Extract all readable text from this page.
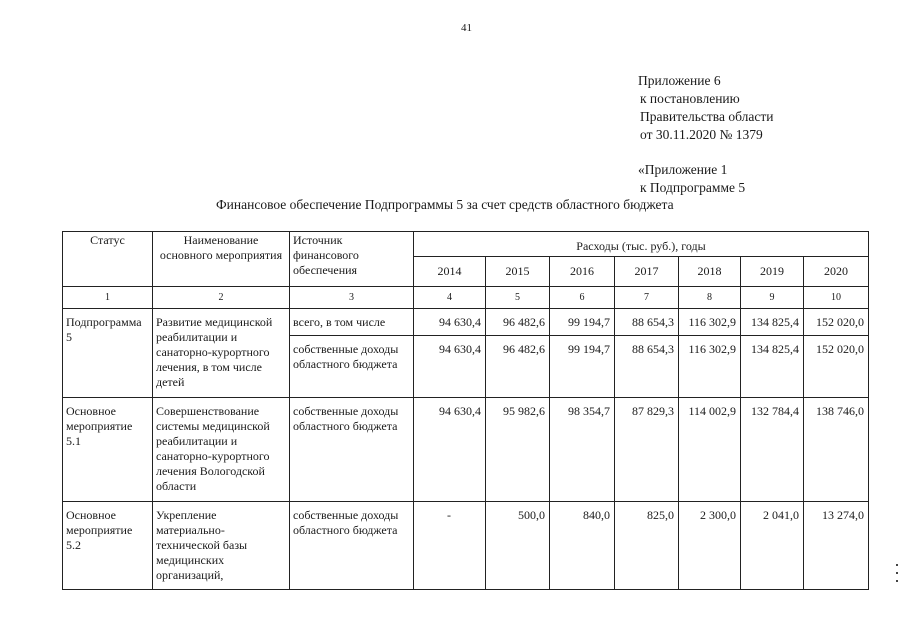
41
Приложение 6
к постановлению
Правительства области
от 30.11.2020 № 1379
«Приложение 1
к Подпрограмме 5
Финансовое обеспечение Подпрограммы 5 за счет средств областного бюджета
Статус	Наименование основного мероприятия	Источник финансового обеспечения	Расходы (тыс. руб.), годы						
			2014	2015	2016	2017	2018	2019	2020
1	2	3	4	5	6	7	8	9	10
Подпрограмма 5	Развитие медицинской реабилитации и санаторно-курортного лечения, в том числе детей	всего, в том числе	94 630,4	96 482,6	99 194,7	88 654,3	116 302,9	134 825,4	152 020,0
		собственные доходы областного бюджета	94 630,4	96 482,6	99 194,7	88 654,3	116 302,9	134 825,4	152 020,0
Основное мероприятие 5.1	Совершенствование системы медицинской реабилитации и санаторно-курортного лечения Вологодской области	собственные доходы областного бюджета	94 630,4	95 982,6	98 354,7	87 829,3	114 002,9	132 784,4	138 746,0
Основное мероприятие 5.2	Укрепление материально-технической базы медицинских организаций,	собственные доходы областного бюджета	-	500,0	840,0	825,0	2 300,0	2 041,0	13 274,0
